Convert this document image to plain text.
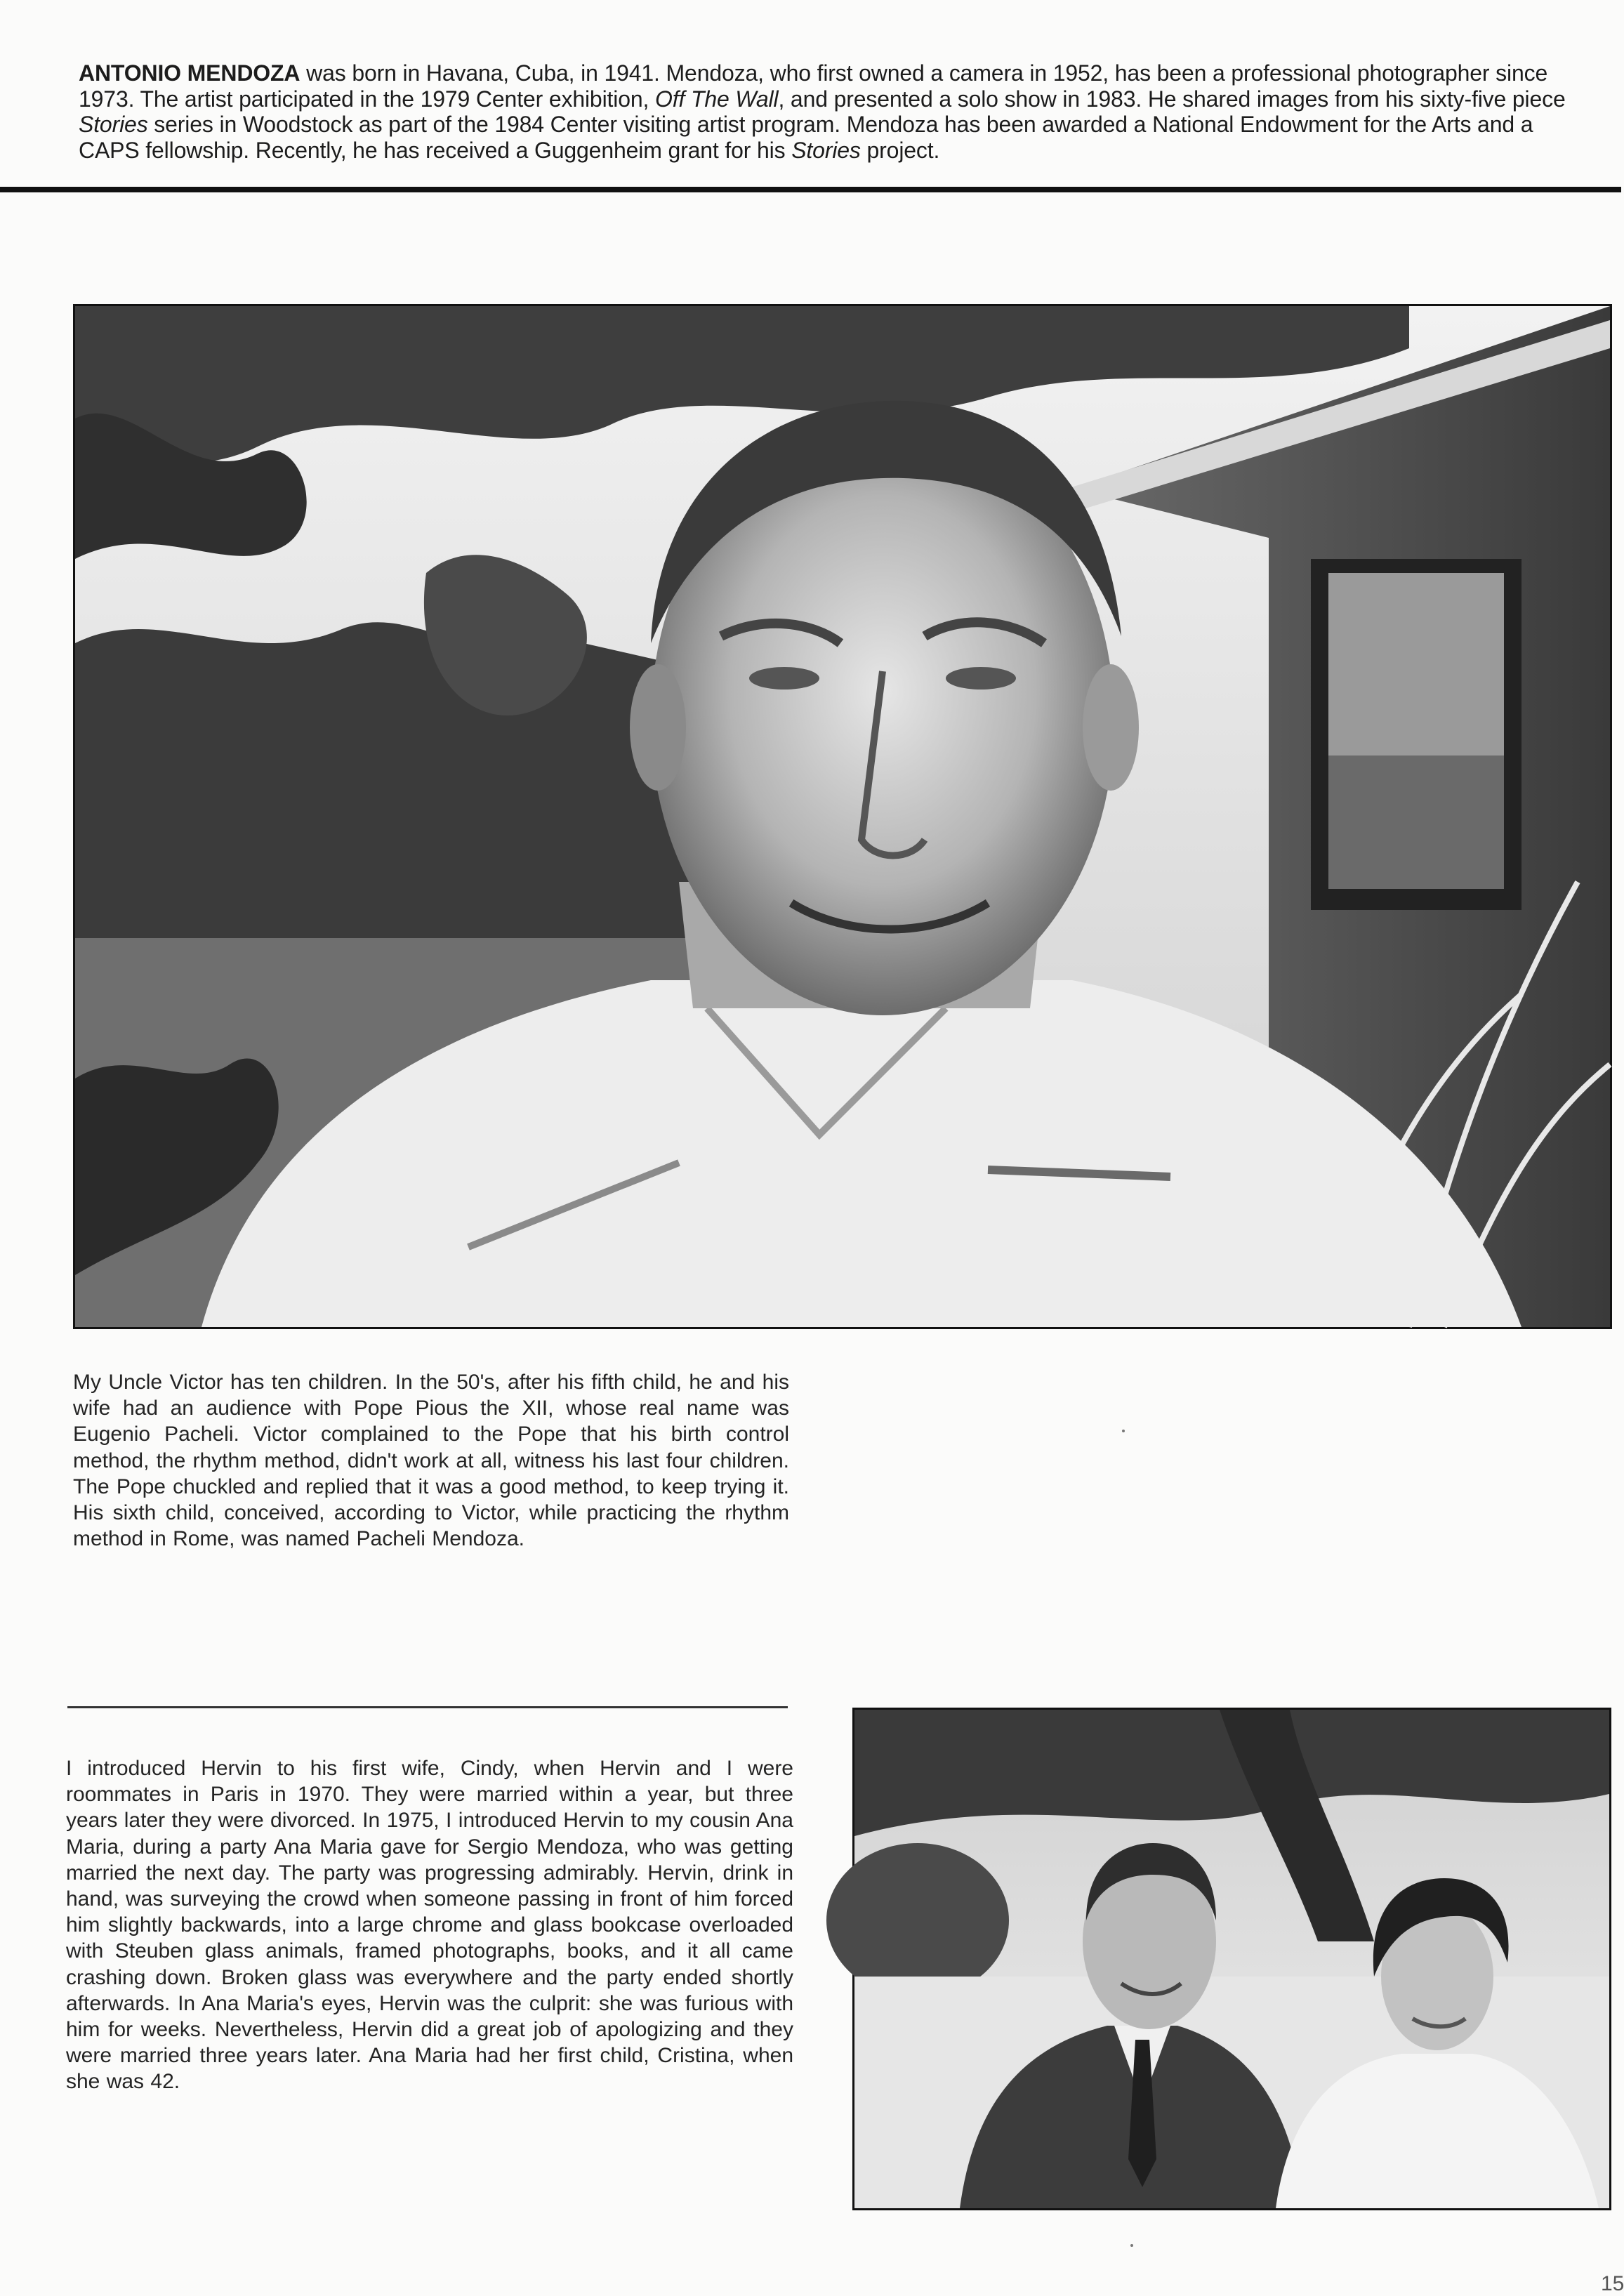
ANTONIO MENDOZA was born in Havana, Cuba, in 1941. Mendoza, who first owned a camera in 1952, has been a professional photographer since 1973. The artist participated in the 1979 Center exhibition, Off The Wall, and presented a solo show in 1983. He shared images from his sixty-five piece Stories series in Woodstock as part of the 1984 Center visiting artist program. Mendoza has been awarded a National Endowment for the Arts and a CAPS fellowship. Recently, he has received a Guggenheim grant for his Stories project.
My Uncle Victor has ten children. In the 50's, after his fifth child, he and his wife had an audience with Pope Pious the XII, whose real name was Eugenio Pacheli. Victor complained to the Pope that his birth control method, the rhythm method, didn't work at all, witness his last four children. The Pope chuckled and replied that it was a good method, to keep trying it. His sixth child, conceived, according to Victor, while practicing the rhythm method in Rome, was named Pacheli Mendoza.
I introduced Hervin to his first wife, Cindy, when Hervin and I were roommates in Paris in 1970. They were married within a year, but three years later they were divorced. In 1975, I introduced Hervin to my cousin Ana Maria, during a party Ana Maria gave for Sergio Mendoza, who was getting married the next day. The party was progressing admirably. Hervin, drink in hand, was surveying the crowd when someone passing in front of him forced him slightly backwards, into a large chrome and glass bookcase overloaded with Steuben glass animals, framed photographs, books, and it all came crashing down. Broken glass was everywhere and the party ended shortly afterwards. In Ana Maria's eyes, Hervin was the culprit: she was furious with him for weeks. Nevertheless, Hervin did a great job of apologizing and they were married three years later. Ana Maria had her first child, Cristina, when she was 42.
15
